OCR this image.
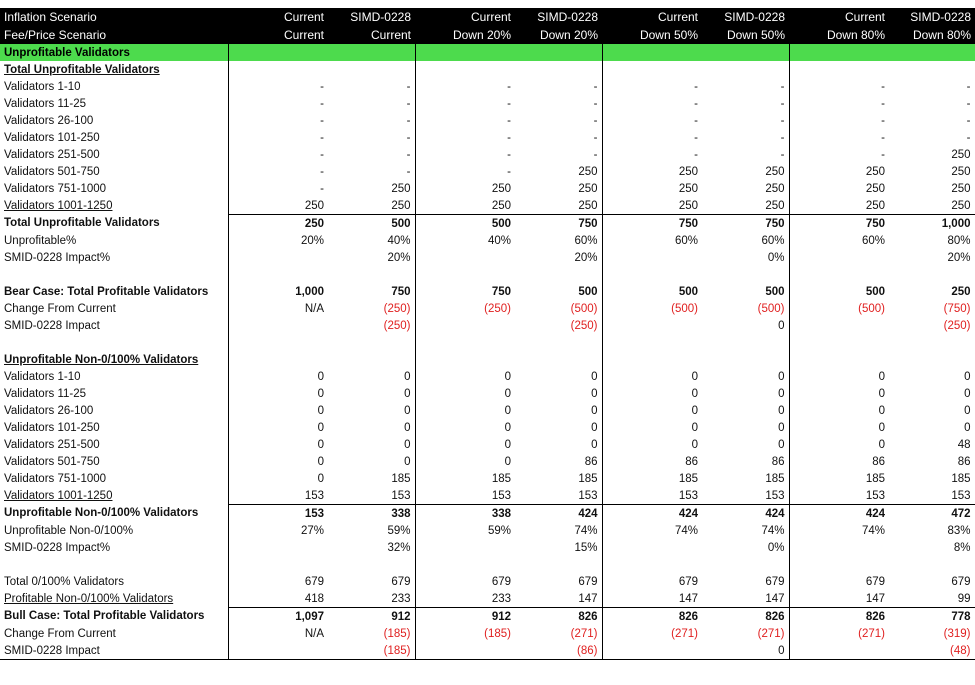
Inflation Scenario	Current	SIMD-0228	Current	SIMD-0228	Current	SIMD-0228	Current	SIMD-0228
Fee/Price Scenario	Current	Current	Down 20%	Down 20%	Down 50%	Down 50%	Down 80%	Down 80%
Unprofitable Validators								
Total Unprofitable Validators								
Validators 1-10	-	-	-	-	-	-	-	-
Validators 11-25	-	-	-	-	-	-	-	-
Validators 26-100	-	-	-	-	-	-	-	-
Validators 101-250	-	-	-	-	-	-	-	-
Validators 251-500	-	-	-	-	-	-	-	250
Validators 501-750	-	-	-	250	250	250	250	250
Validators 751-1000	-	250	250	250	250	250	250	250
Validators 1001-1250	250	250	250	250	250	250	250	250
Total Unprofitable Validators	250	500	500	750	750	750	750	1,000
Unprofitable%	20%	40%	40%	60%	60%	60%	60%	80%
SMID-0228 Impact%		20%		20%		0%		20%

Bear Case: Total Profitable Validators	1,000	750	750	500	500	500	500	250
Change From Current	N/A	(250)	(250)	(500)	(500)	(500)	(500)	(750)
SMID-0228 Impact		(250)		(250)		0		(250)

Unprofitable Non-0/100% Validators								
Validators 1-10	0	0	0	0	0	0	0	0
Validators 11-25	0	0	0	0	0	0	0	0
Validators 26-100	0	0	0	0	0	0	0	0
Validators 101-250	0	0	0	0	0	0	0	0
Validators 251-500	0	0	0	0	0	0	0	48
Validators 501-750	0	0	0	86	86	86	86	86
Validators 751-1000	0	185	185	185	185	185	185	185
Validators 1001-1250	153	153	153	153	153	153	153	153
Unprofitable Non-0/100% Validators	153	338	338	424	424	424	424	472
Unprofitable Non-0/100%	27%	59%	59%	74%	74%	74%	74%	83%
SMID-0228 Impact%		32%		15%		0%		8%

Total 0/100% Validators	679	679	679	679	679	679	679	679
Profitable Non-0/100% Validators	418	233	233	147	147	147	147	99
Bull Case: Total Profitable Validators	1,097	912	912	826	826	826	826	778
Change From Current	N/A	(185)	(185)	(271)	(271)	(271)	(271)	(319)
SMID-0228 Impact		(185)		(86)		0		(48)
